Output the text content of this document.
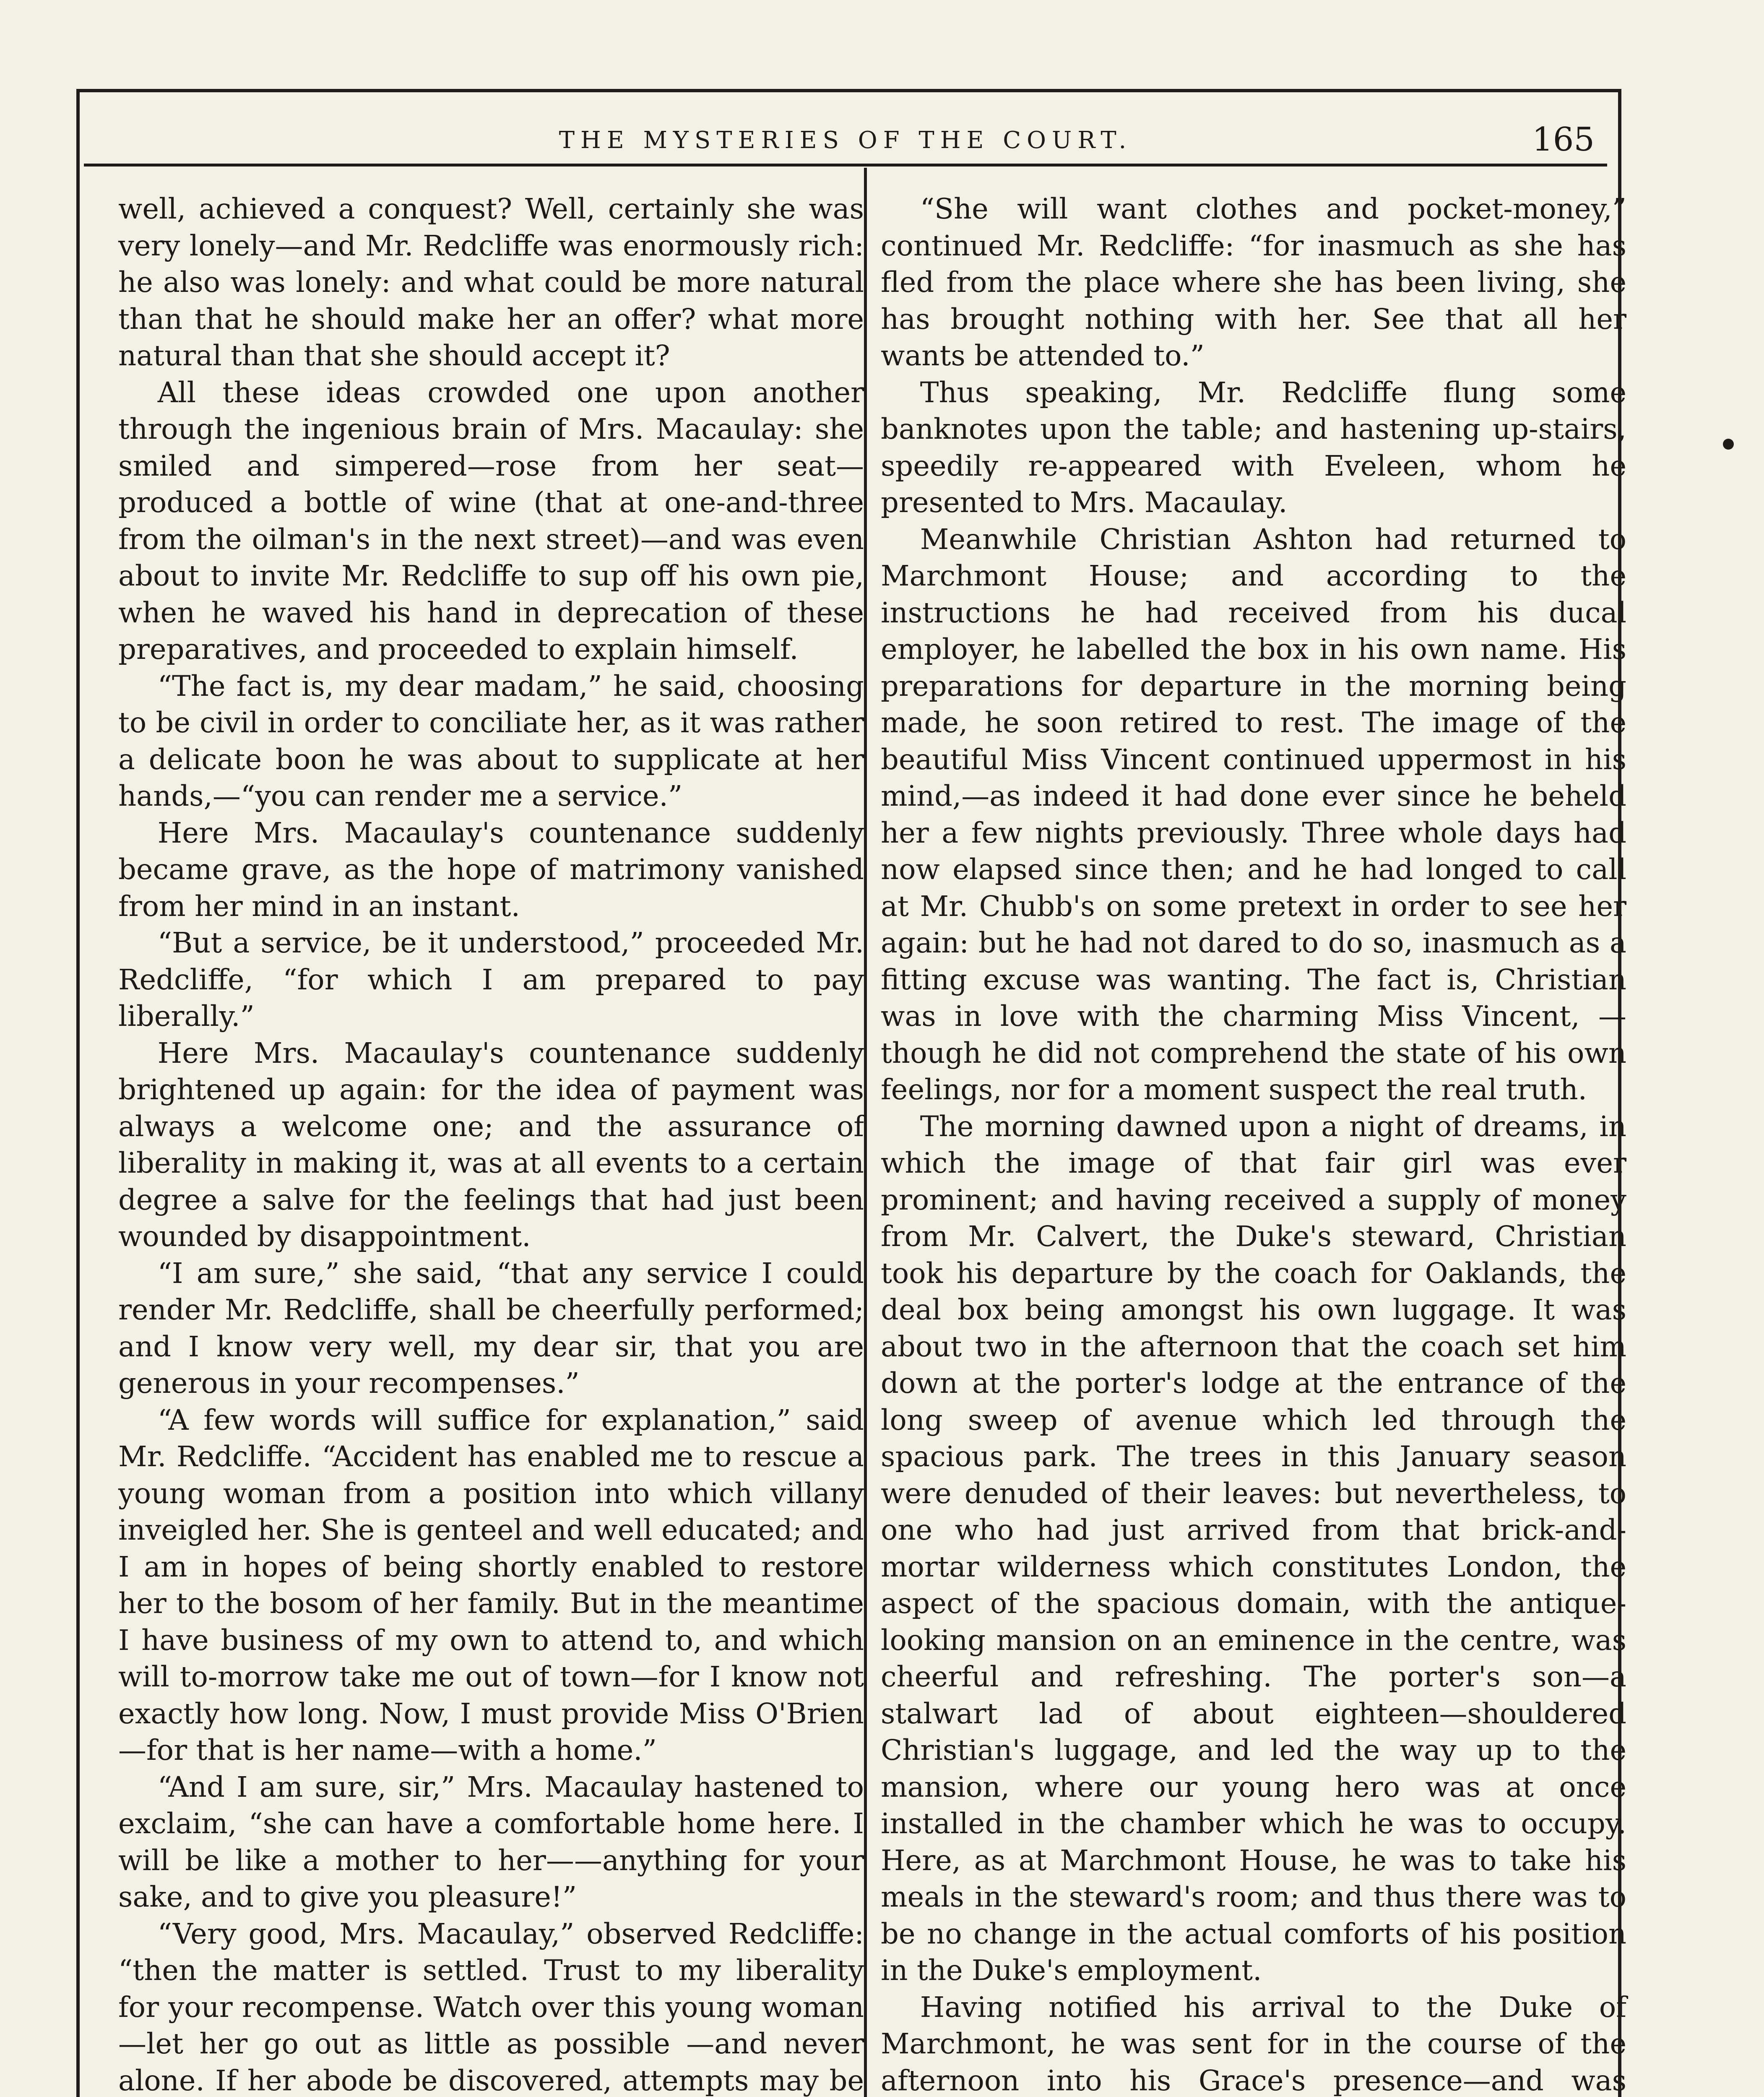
THE MYSTERIES OF THE COURT.	165

well, achieved a conquest? Well, certainly she was very lonely—and Mr. Redcliffe was enormously rich: he also was lonely: and what could be more natural than that he should make her an offer? what more natural than that she should accept it?

All these ideas crowded one upon another through the ingenious brain of Mrs. Macaulay: she smiled and simpered—rose from her seat—produced a bottle of wine (that at one-and-three from the oilman's in the next street)—and was even about to invite Mr. Redcliffe to sup off his own pie, when he waved his hand in deprecation of these preparatives, and proceeded to explain himself.

“The fact is, my dear madam,” he said, choosing to be civil in order to conciliate her, as it was rather a delicate boon he was about to supplicate at her hands,—“you can render me a service.”

Here Mrs. Macaulay's countenance suddenly became grave, as the hope of matrimony vanished from her mind in an instant.

“But a service, be it understood,” proceeded Mr. Redcliffe, “for which I am prepared to pay liberally.”

Here Mrs. Macaulay's countenance suddenly brightened up again: for the idea of payment was always a welcome one; and the assurance of liberality in making it, was at all events to a certain degree a salve for the feelings that had just been wounded by disappointment.

“I am sure,” she said, “that any service I could render Mr. Redcliffe, shall be cheerfully performed; and I know very well, my dear sir, that you are generous in your recompenses.”

“A few words will suffice for explanation,” said Mr. Redcliffe. “Accident has enabled me to rescue a young woman from a position into which villany inveigled her. She is genteel and well educated; and I am in hopes of being shortly enabled to restore her to the bosom of her family. But in the meantime I have business of my own to attend to, and which will to-morrow take me out of town—for I know not exactly how long. Now, I must provide Miss O'Brien—for that is her name—with a home.”

“And I am sure, sir,” Mrs. Macaulay hastened to exclaim, “she can have a comfortable home here. I will be like a mother to her——anything for your sake, and to give you pleasure!”

“Very good, Mrs. Macaulay,” observed Redcliffe: “then the matter is settled. Trust to my liberality for your recompense. Watch over this young woman—let her go out as little as possible —and never alone. If her abode be discovered, attempts may be

“She will want clothes and pocket-money,” continued Mr. Redcliffe: “for inasmuch as she has fled from the place where she has been living, she has brought nothing with her. See that all her wants be attended to.”

Thus speaking, Mr. Redcliffe flung some banknotes upon the table; and hastening up-stairs, speedily re-appeared with Eveleen, whom he presented to Mrs. Macaulay.

Meanwhile Christian Ashton had returned to Marchmont House; and according to the instructions he had received from his ducal employer, he labelled the box in his own name. His preparations for departure in the morning being made, he soon retired to rest. The image of the beautiful Miss Vincent continued uppermost in his mind,—as indeed it had done ever since he beheld her a few nights previously. Three whole days had now elapsed since then; and he had longed to call at Mr. Chubb's on some pretext in order to see her again: but he had not dared to do so, inasmuch as a fitting excuse was wanting. The fact is, Christian was in love with the charming Miss Vincent, —though he did not comprehend the state of his own feelings, nor for a moment suspect the real truth.

The morning dawned upon a night of dreams, in which the image of that fair girl was ever prominent; and having received a supply of money from Mr. Calvert, the Duke's steward, Christian took his departure by the coach for Oaklands, the deal box being amongst his own luggage. It was about two in the afternoon that the coach set him down at the porter's lodge at the entrance of the long sweep of avenue which led through the spacious park. The trees in this January season were denuded of their leaves: but nevertheless, to one who had just arrived from that brick-and-mortar wilderness which constitutes London, the aspect of the spacious domain, with the antique-looking mansion on an eminence in the centre, was cheerful and refreshing. The porter's son—a stalwart lad of about eighteen—shouldered Christian's luggage, and led the way up to the mansion, where our young hero was at once installed in the chamber which he was to occupy. Here, as at Marchmont House, he was to take his meals in the steward's room; and thus there was to be no change in the actual comforts of his position in the Duke's employment.

Having notified his arrival to the Duke of Marchmont, he was sent for in the course of the afternoon into his Grace's presence—and was
